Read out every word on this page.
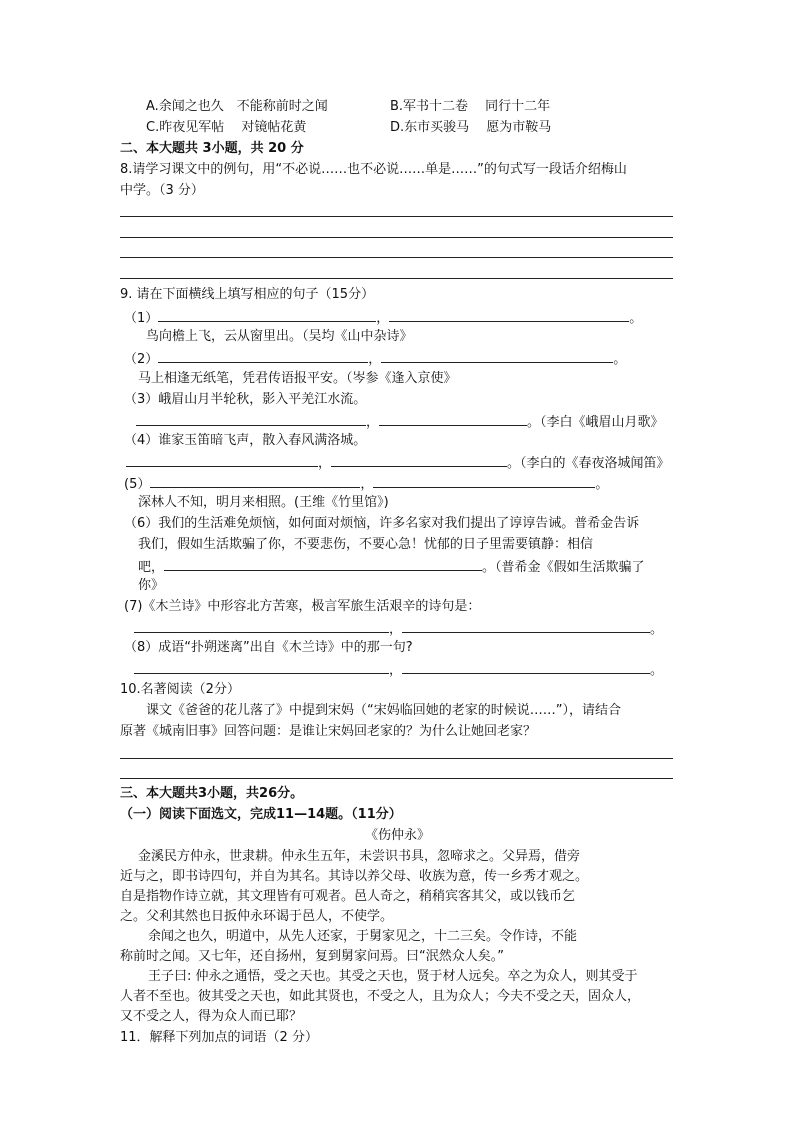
A.余闻之也久　不能称前时之闻	B.军书十二卷　 同行十二年
C.昨夜见军帖　 对镜帖花黄	D.东市买骏马　 愿为市鞍马
二、本大题共 3小题，共 20 分
8.请学习课文中的例句，用“不必说……也不必说……单是……”的句式写一段话介绍梅山
中学。（3 分）
9. 请在下面横线上填写相应的句子（15分）
（1）	，	。
鸟向檐上飞，云从窗里出。（吴均《山中杂诗》
（2）	，	。
马上相逢无纸笔，凭君传语报平安。（岑参《逢入京使》
（3）峨眉山月半轮秋，影入平羌江水流。
，	。（李白《峨眉山月歌》
（4）谁家玉笛暗飞声，散入春风满洛城。
，	。（李白的《春夜洛城闻笛》
(5）	，	。
深林人不知，明月来相照。(王维《竹里馆》)
（6）我们的生活难免烦恼，如何面对烦恼，许多名家对我们提出了谆谆告诫。普希金告诉
我们，假如生活欺骗了你，不要悲伤，不要心急！忧郁的日子里需要镇静：相信
吧，	。（普希金《假如生活欺骗了
你》
(7)《木兰诗》中形容北方苦寒，极言军旅生活艰辛的诗句是：
，	。
（8）成语“扑朔迷离”出自《木兰诗》中的那一句?
，	。
10.名著阅读（2分）
课文《爸爸的花儿落了》中提到宋妈（“宋妈临回她的老家的时候说……”），请结合
原著《城南旧事》回答问题：是谁让宋妈回老家的？为什么让她回老家？
三、本大题共3小题，共26分。
（一）阅读下面选文，完成11—14题。（11分）
《伤仲永》
金溪民方仲永，世隶耕。仲永生五年，未尝识书具，忽啼求之。父异焉，借旁
近与之，即书诗四句，并自为其名。其诗以养父母、收族为意，传一乡秀才观之。
自是指物作诗立就，其文理皆有可观者。邑人奇之，稍稍宾客其父，或以钱币乞
之。父利其然也日扳仲永环谒于邑人，不使学。
余闻之也久，明道中，从先人还家，于舅家见之，十二三矣。令作诗，不能
称前时之闻。又七年，还自扬州，复到舅家问焉。曰“泯然众人矣。”
王子曰: 仲永之通悟，受之天也。其受之天也，贤于材人远矣。卒之为众人，则其受于
人者不至也。彼其受之天也，如此其贤也，不受之人，且为众人；今夫不受之天，固众人，
又不受之人，得为众人而已耶？
11．解释下列加点的词语（2 分）
